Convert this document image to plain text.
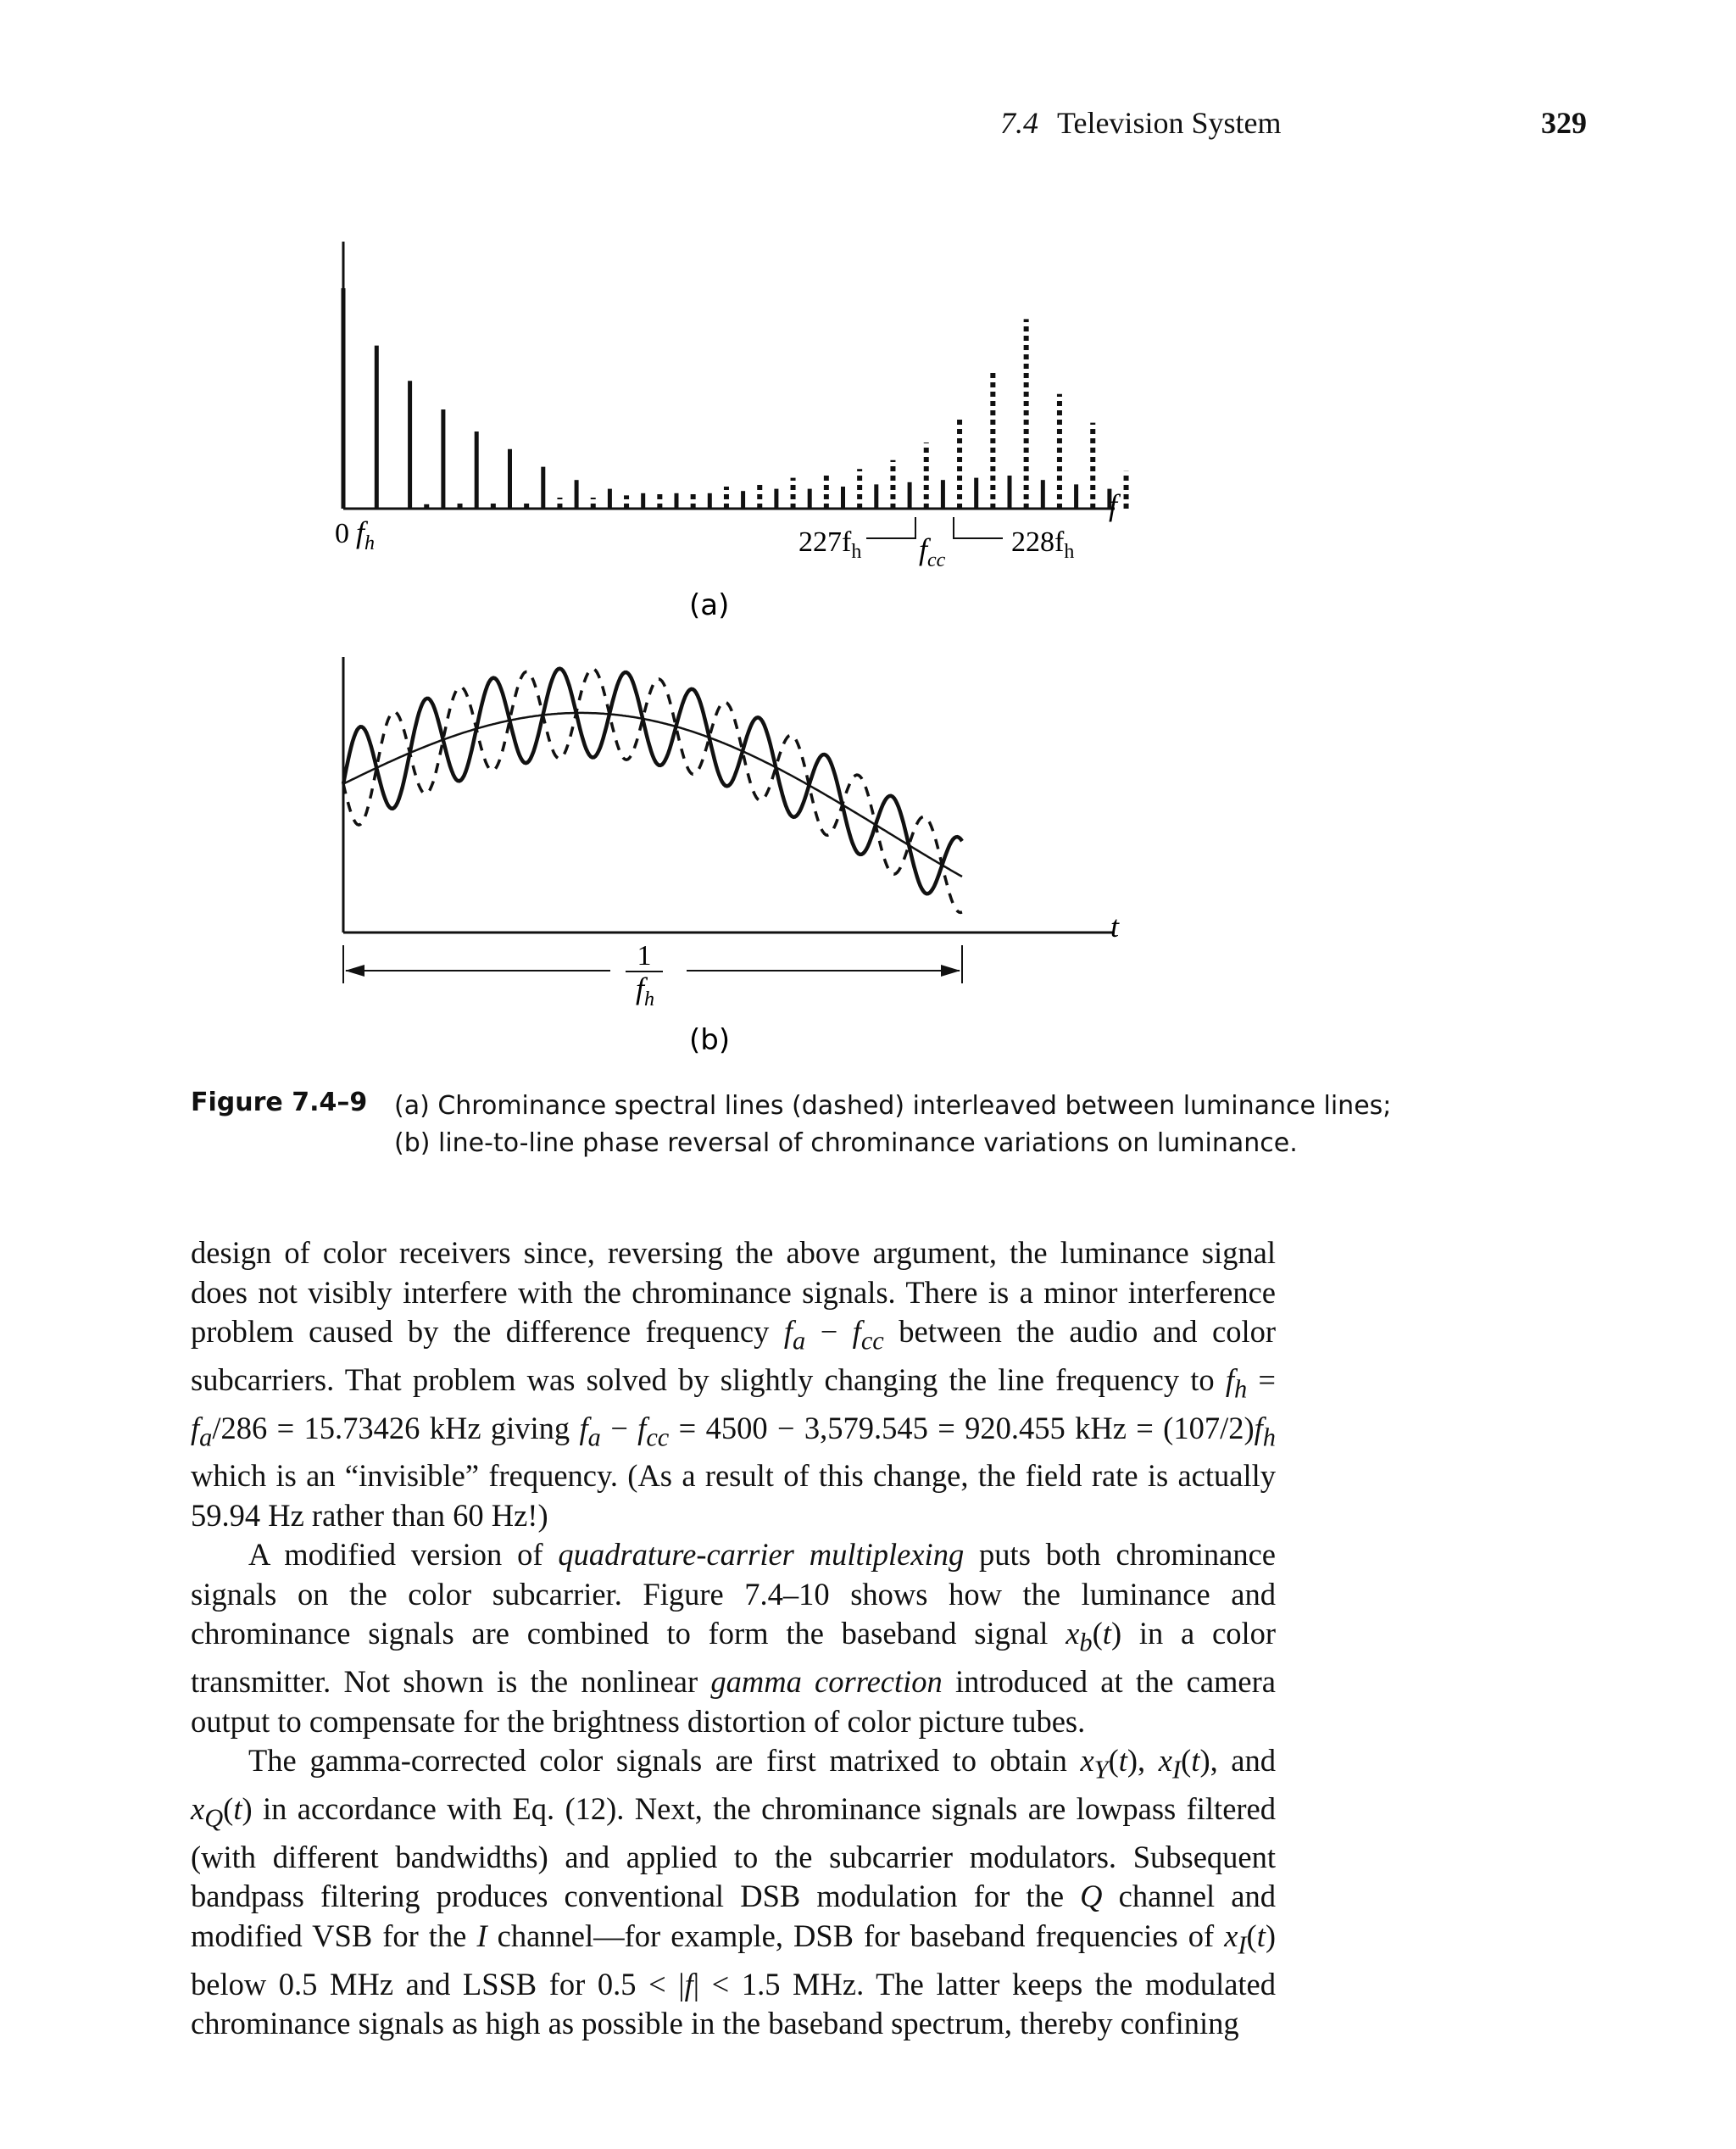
7.4 Television System	329
f
0 $f_h$	$227f_h$ $f_{cc}$
$228f_h$
(a)
t
1
$f_h$
(b)
Figure 7.4–9 (a) Chrominance spectral lines (dashed) interleaved between luminance lines;
(b) line-to-line phase reversal of chrominance variations on luminance.

design of color receivers since, reversing the above argument, the luminance signal does not visibly interfere with the chrominance signals. There is a minor interference problem caused by the difference frequency $f_a - f_{cc}$ between the audio and color subcarriers. That problem was solved by slightly changing the line frequency to $f_h = f_a/286 = 15.73426$ kHz giving $f_a - f_{cc} = 4500 - 3,579.545 = 920.455$ kHz = $(107/2)f_h$ which is an “invisible” frequency. (As a result of this change, the field rate is actually 59.94 Hz rather than 60 Hz!)

A modified version of quadrature-carrier multiplexing puts both chrominance signals on the color subcarrier. Figure 7.4–10 shows how the luminance and chrominance signals are combined to form the baseband signal $x_b(t)$ in a color transmitter. Not shown is the nonlinear gamma correction introduced at the camera output to compensate for the brightness distortion of color picture tubes.

The gamma-corrected color signals are first matrixed to obtain $x_Y(t)$, $x_I(t)$, and $x_Q(t)$ in accordance with Eq. (12). Next, the chrominance signals are lowpass filtered (with different bandwidths) and applied to the subcarrier modulators. Subsequent bandpass filtering produces conventional DSB modulation for the Q channel and modified VSB for the I channel—for example, DSB for baseband frequencies of $x_I(t)$ below 0.5 MHz and LSSB for 0.5 < |f| < 1.5 MHz. The latter keeps the modulated chrominance signals as high as possible in the baseband spectrum, thereby confining
